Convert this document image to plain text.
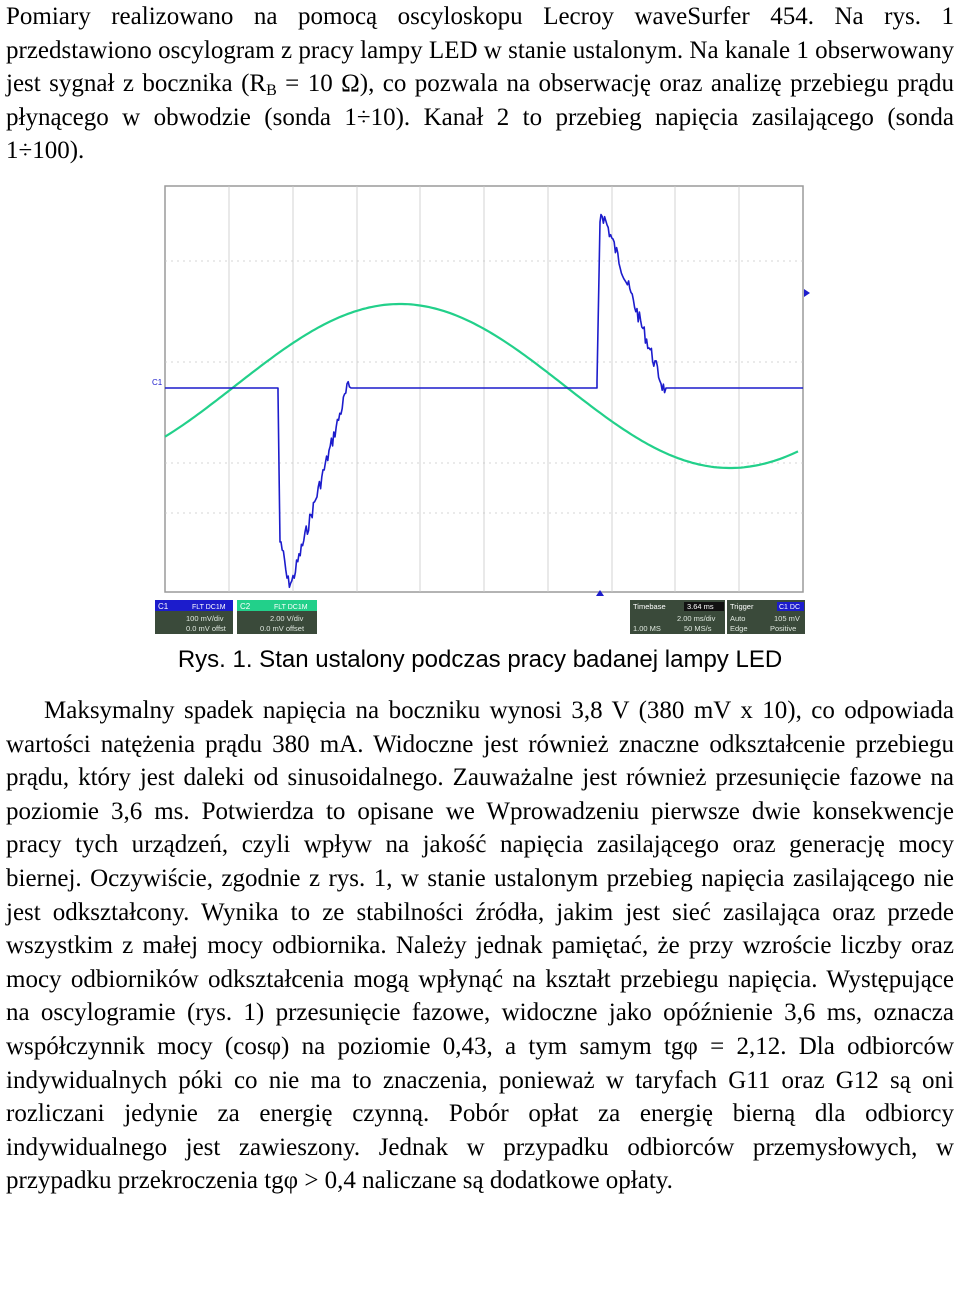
Pomiary realizowano na pomocą oscyloskopu Lecroy waveSurfer 454. Na rys. 1 przedstawiono oscylogram z pracy lampy LED w stanie ustalonym. Na kanale 1 obserwowany jest sygnał z bocznika ($R_B = 10$ Ω), co pozwala na obserwację oraz analizę przebiegu prądu płynącego w obwodzie (sonda 1÷10). Kanał 2 to przebieg napięcia zasilającego (sonda 1÷100).

C1
C1	FLT DC1M
100 mV/div
0.0 mV offst
C2	FLT DC1M
2.00 V/div
0.0 mV offset
Timebase	3.64 ms
2.00 ms/div
1.00 MS	50 MS/s
Trigger	C1 DC
Auto	105 mV
Edge	Positive
Rys. 1. Stan ustalony podczas pracy badanej lampy LED

Maksymalny spadek napięcia na boczniku wynosi 3,8 V (380 mV x 10), co odpowiada wartości natężenia prądu 380 mA. Widoczne jest również znaczne odkształcenie przebiegu prądu, który jest daleki od sinusoidalnego. Zauważalne jest również przesunięcie fazowe na poziomie 3,6 ms. Potwierdza to opisane we Wprowadzeniu pierwsze dwie konsekwencje pracy tych urządzeń, czyli wpływ na jakość napięcia zasilającego oraz generację mocy biernej. Oczywiście, zgodnie z rys. 1, w stanie ustalonym przebieg napięcia zasilającego nie jest odkształcony. Wynika to ze stabilności źródła, jakim jest sieć zasilająca oraz przede wszystkim z małej mocy odbiornika. Należy jednak pamiętać, że przy wzroście liczby oraz mocy odbiorników odkształcenia mogą wpłynąć na kształt przebiegu napięcia. Występujące na oscylogramie (rys. 1) przesunięcie fazowe, widoczne jako opóźnienie 3,6 ms, oznacza współczynnik mocy (cosφ) na poziomie 0,43, a tym samym tgφ = 2,12. Dla odbiorców indywidualnych póki co nie ma to znaczenia, ponieważ w taryfach G11 oraz G12 są oni rozliczani jedynie za energię czynną. Pobór opłat za energię bierną dla odbiorcy indywidualnego jest zawieszony. Jednak w przypadku odbiorców przemysłowych, w przypadku przekroczenia tgφ > 0,4 naliczane są dodatkowe opłaty.
